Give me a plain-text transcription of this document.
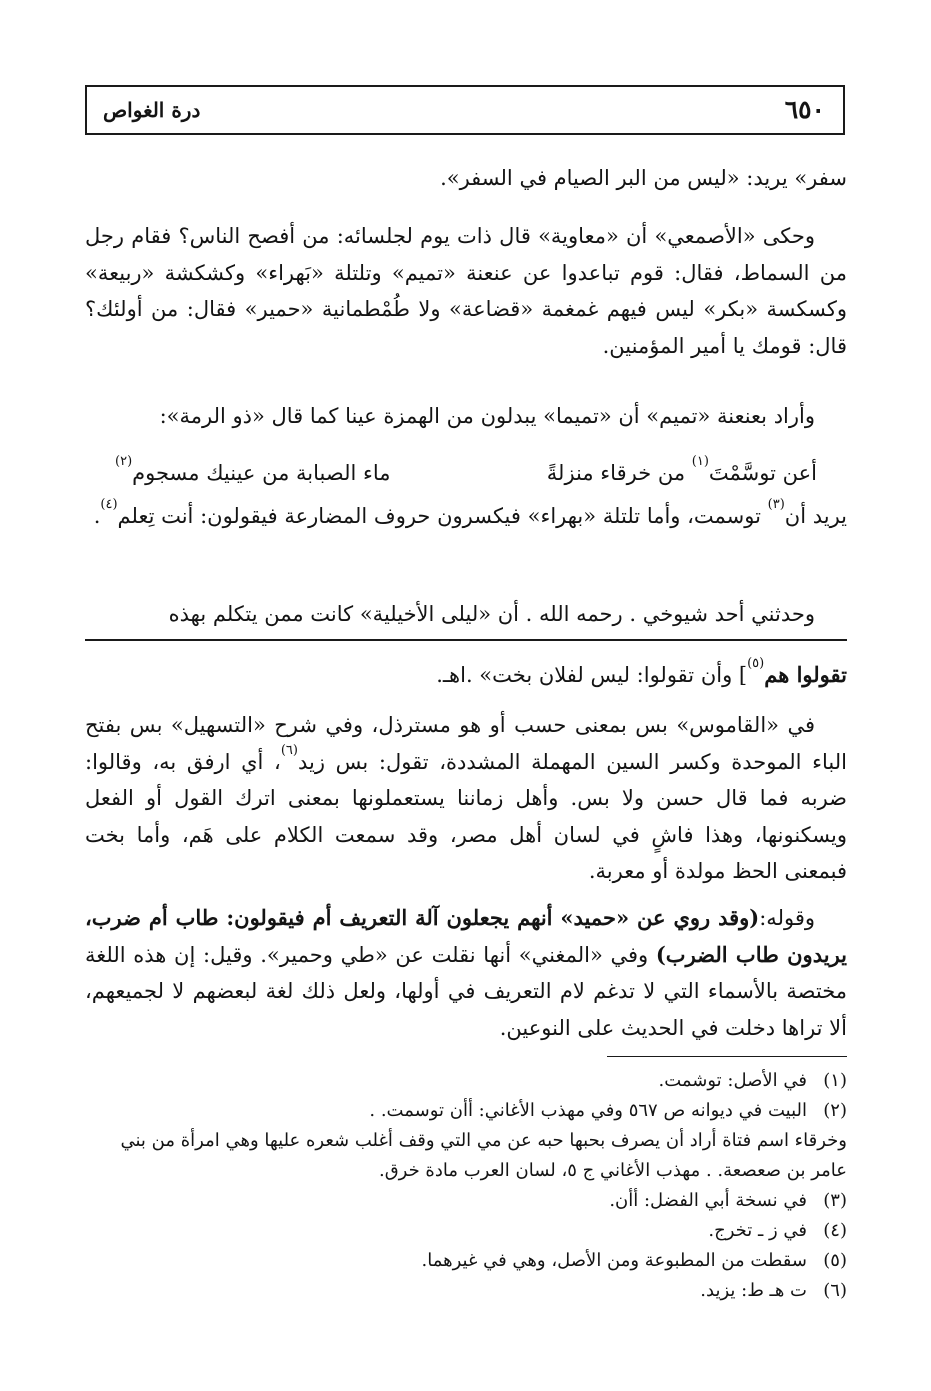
٦٥٠
درة الغواص

سفر» يريد: «ليس من البر الصيام في السفر».

وحكى «الأصمعي» أن «معاوية» قال ذات يوم لجلسائه: من أفصح الناس؟ فقام رجل من السماط، فقال: قوم تباعدوا عن عنعنة «تميم» وتلتلة «بَهراء» وكشكشة «ربيعة» وكسكسة «بكر» ليس فيهم غمغمة «قضاعة» ولا طُمْطمانية «حمير» فقال: من أولئك؟ قال: قومك يا أمير المؤمنين.

وأراد بعنعنة «تميم» أن «تميما» يبدلون من الهمزة عينا كما قال «ذو الرمة»:

أعن توسَّمْتَ$^{(١)}$ من خرقاء منزلةً
ماء الصبابة من عينيك مسجوم$^{(٢)}$

يريد أن$^{(٣)}$ توسمت، وأما تلتلة «بهراء» فيكسرون حروف المضارعة فيقولون: أنت تِعلم$^{(٤)}$.

وحدثني أحد شيوخي . رحمه الله . أن «ليلى الأخيلية» كانت ممن يتكلم بهذه

تقولوا هم$^{(٥)}$] وأن تقولوا: ليس لفلان بخت» .اهـ.

في «القاموس» بس بمعنى حسب أو هو مسترذل، وفي شرح «التسهيل» بس بفتح الباء الموحدة وكسر السين المهملة المشددة، تقول: بس زيد$^{(٦)}$، أي ارفق به، وقالوا: ضربه فما قال حسن ولا بس. وأهل زماننا يستعملونها بمعنى اترك القول أو الفعل ويسكنونها، وهذا فاشٍ في لسان أهل مصر، وقد سمعت الكلام على هَم، وأما بخت فبمعنى الحظ مولدة أو معربة.

وقوله:(وقد روي عن «حميد» أنهم يجعلون آلة التعريف أم فيقولون: طاب أم ضرب، يريدون طاب الضرب) وفي «المغني» أنها نقلت عن «طي وحمير». وقيل: إن هذه اللغة مختصة بالأسماء التي لا تدغم لام التعريف في أولها، ولعل ذلك لغة لبعضهم لا لجميعهم، ألا تراها دخلت في الحديث على النوعين.

(١)
في الأصل: توشمت.
(٢)
البيت في ديوانه ص ٥٦٧ وفي مهذب الأغاني: أأن توسمت. .
وخرقاء اسم فتاة أراد أن يصرف بحبها حبه عن مي التي وقف أغلب شعره عليها وهي امرأة من بني عامر بن صعصعة. . مهذب الأغاني ج ٥، لسان العرب مادة خرق.
(٣)
في نسخة أبي الفضل: أأن.
(٤)
في ز ـ تخرج.
(٥)
سقطت من المطبوعة ومن الأصل، وهي في غيرهما.
(٦)
ت هـ ط: يزيد.
